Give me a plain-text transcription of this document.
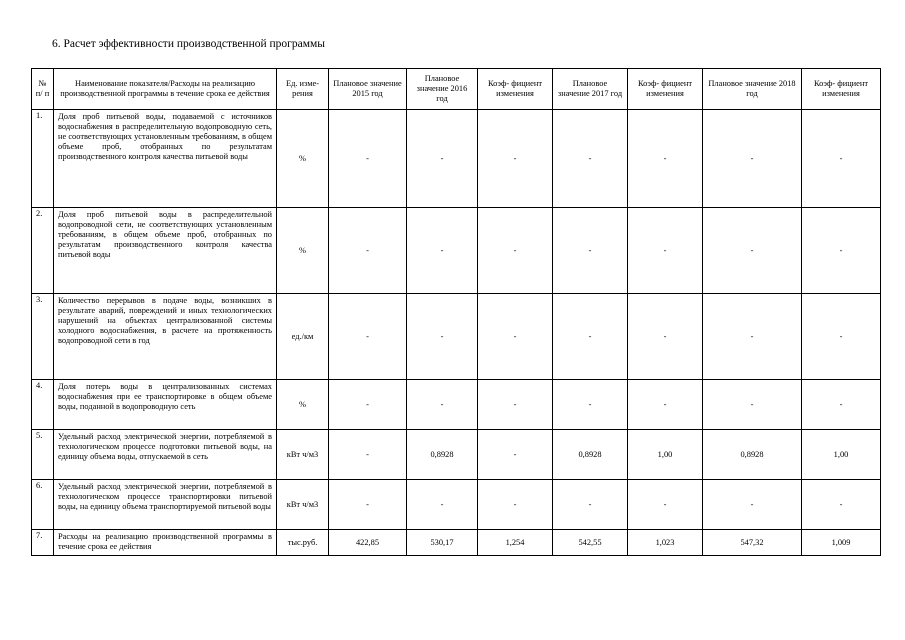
6. Расчет эффективности производственной программы
№ п/ п	Наименование показателя/Расходы на реализацию производственной программы в течение срока ее действия	Ед. изме- рения	Плановое значение 2015 год	Плановое значение 2016 год	Коэф- фициент изменения	Плановое значение 2017 год	Коэф- фициент изменения	Плановое значение 2018 год	Коэф- фициент изменения
1.	Доля проб питьевой воды, подаваемой с источников водоснабжения в распределительную водопроводную сеть, не соответствующих установленным требованиям, в общем объеме проб, отобранных по результатам производственного контроля качества питьевой воды	%	-	-	-	-	-	-	-
2.	Доля проб питьевой воды в распределительной водопроводной сети, не соответствующих установленным требованиям, в общем объеме проб, отобранных по результатам производственного контроля качества питьевой воды	%	-	-	-	-	-	-	-
3.	Количество перерывов в подаче воды, возникших в результате аварий, повреждений и иных технологических нарушений на объектах централизованной системы холодного водоснабжения, в расчете на протяженность водопроводной сети в год	ед./км	-	-	-	-	-	-	-
4.	Доля потерь воды в централизованных системах водоснабжения при ее транспортировке в общем объеме воды, поданной в водопроводную сеть	%	-	-	-	-	-	-	-
5.	Удельный расход электрической энергии, потребляемой в технологическом процессе подготовки питьевой воды, на единицу объема воды, отпускаемой в сеть	кВт ч/м3	-	0,8928	-	0,8928	1,00	0,8928	1,00
6.	Удельный расход электрической энергии, потребляемой в технологическом процессе транспортировки питьевой воды, на единицу объема транспортируемой питьевой воды	кВт ч/м3	-	-	-	-	-	-	-
7.	Расходы на реализацию производственной программы в течение срока ее действия	тыс.руб.	422,85	530,17	1,254	542,55	1,023	547,32	1,009
